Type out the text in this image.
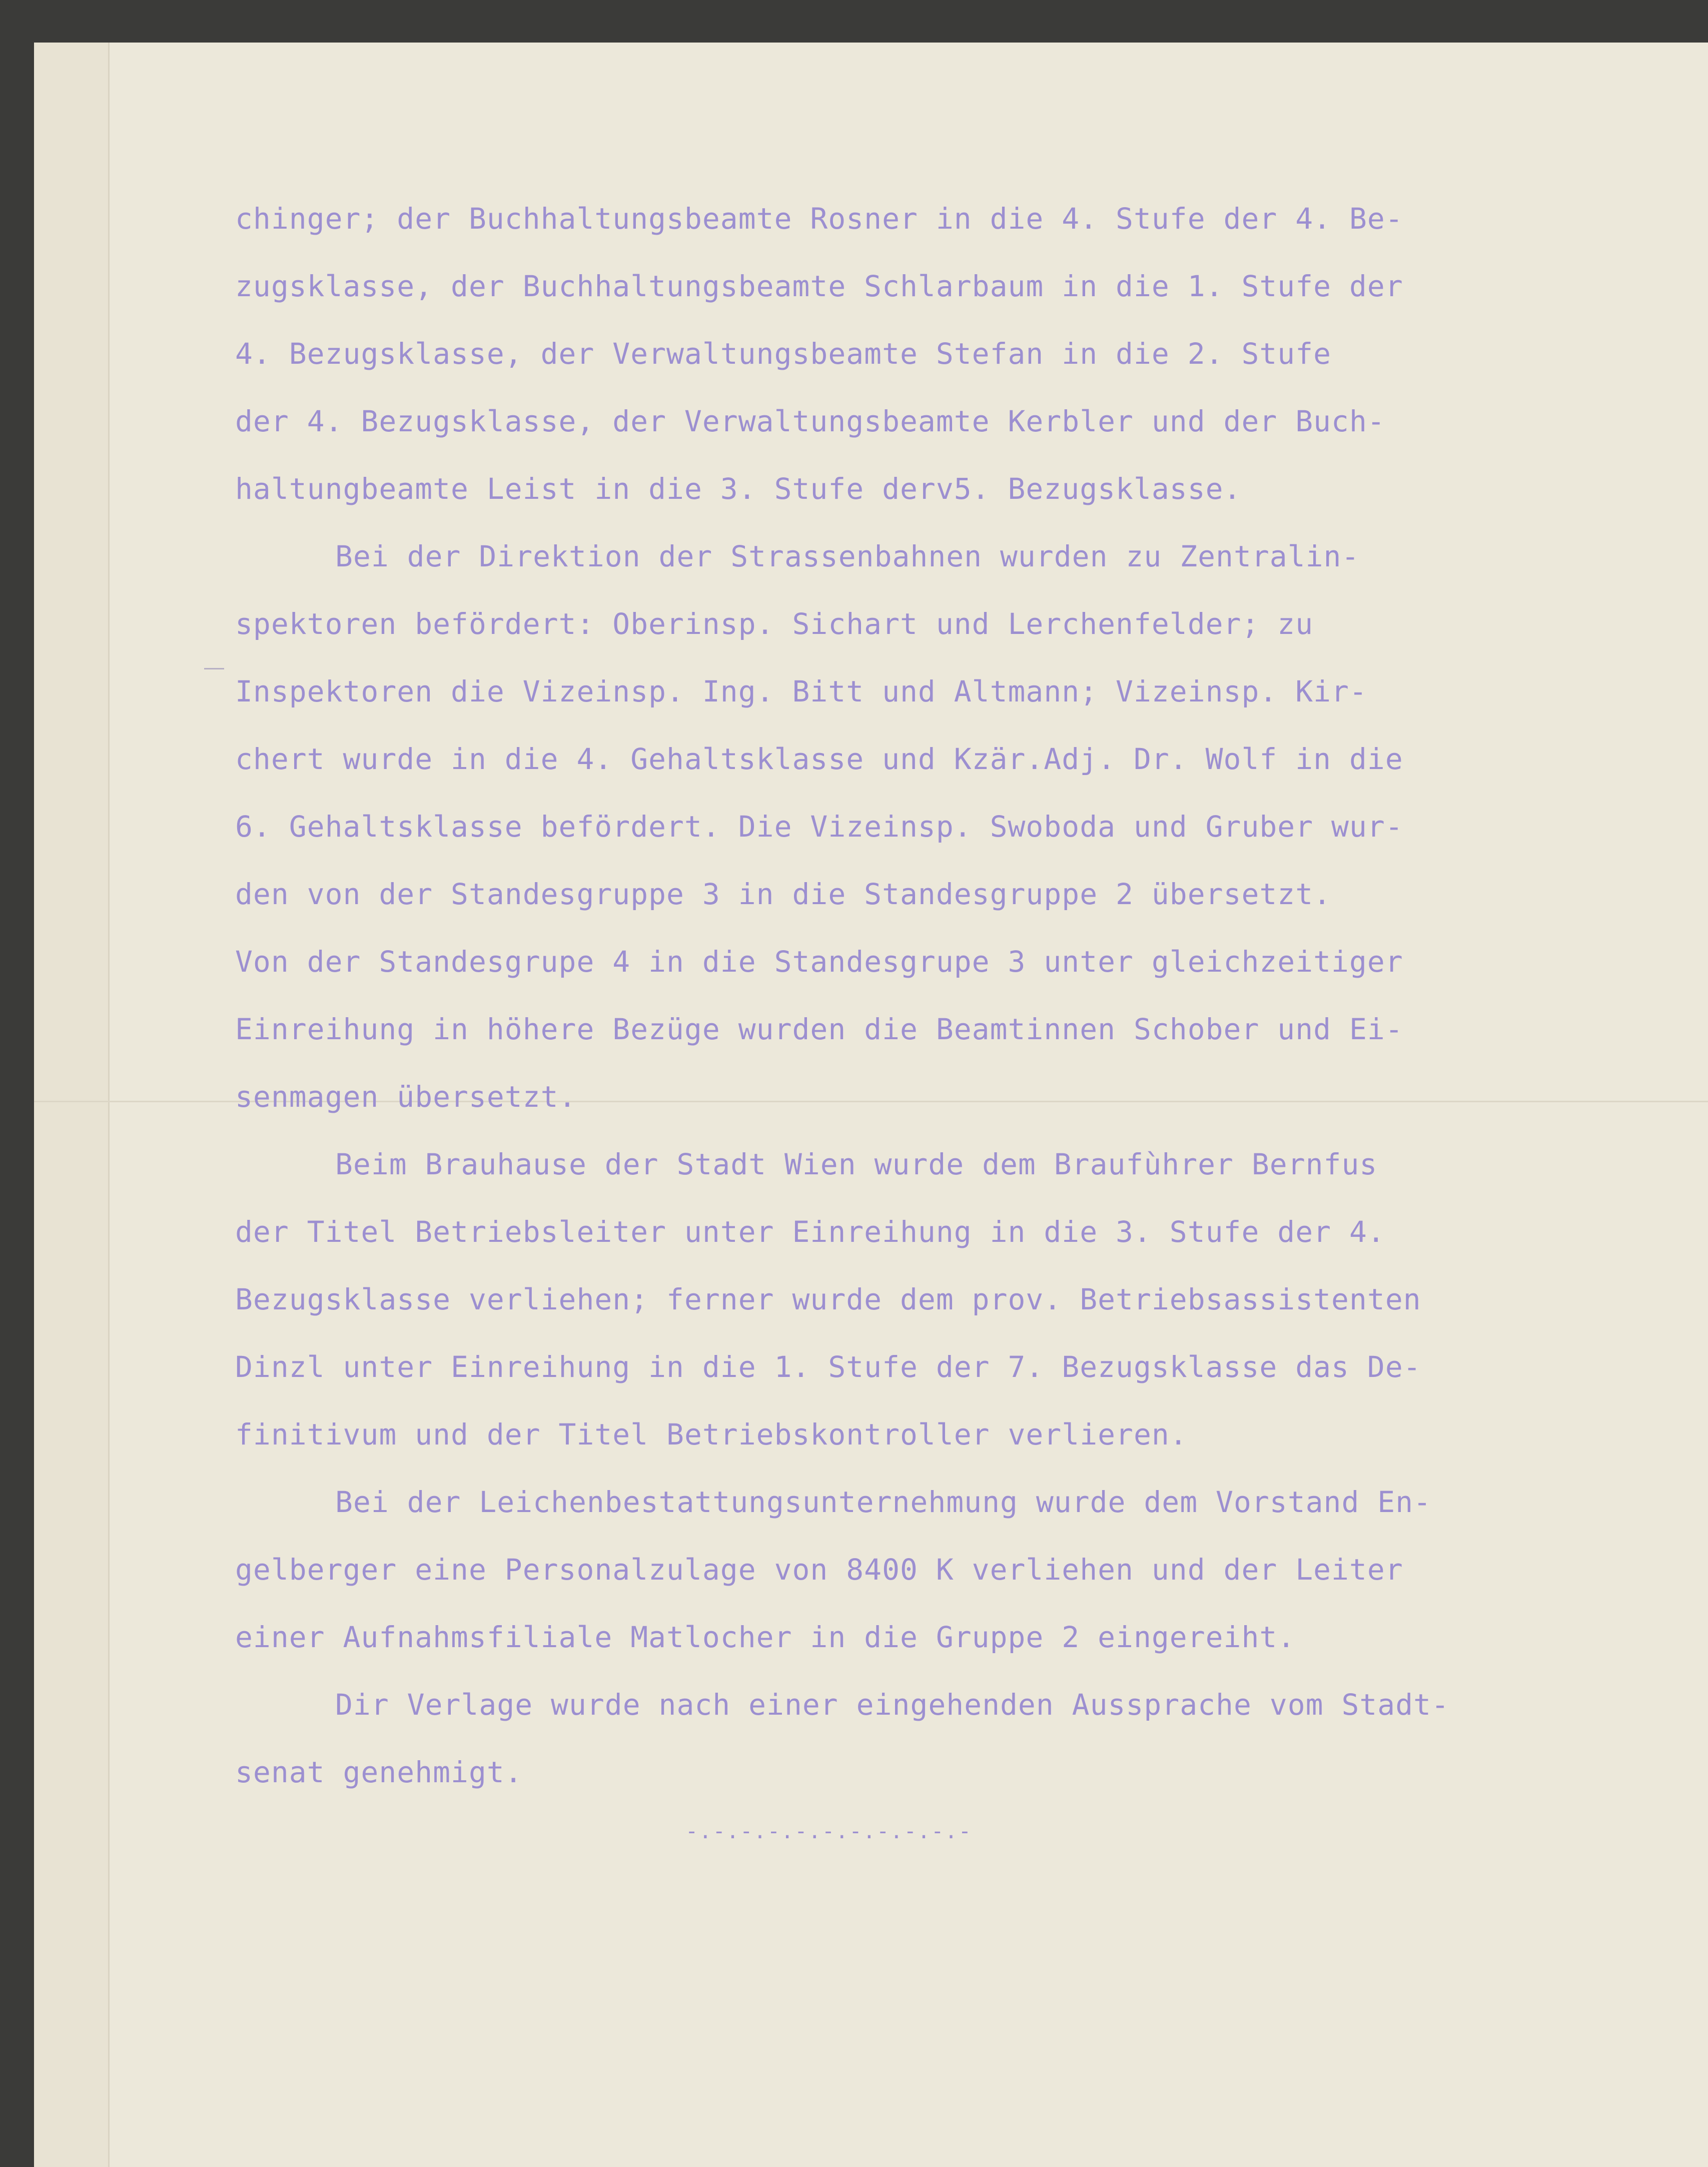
chinger; der Buchhaltungsbeamte Rosner in die 4. Stufe der 4. Be-
zugsklasse, der Buchhaltungsbeamte Schlarbaum in die 1. Stufe der
4. Bezugsklasse, der Verwaltungsbeamte Stefan in die 2. Stufe
der 4. Bezugsklasse, der Verwaltungsbeamte Kerbler und der Buch-
haltungbeamte Leist in die 3. Stufe derv5. Bezugsklasse.
Bei der Direktion der Strassenbahnen wurden zu Zentralin-
spektoren befördert: Oberinsp. Sichart und Lerchenfelder; zu
Inspektoren die Vizeinsp. Ing. Bitt und Altmann; Vizeinsp. Kir-
chert wurde in die 4. Gehaltsklasse und Kzär.Adj. Dr. Wolf in die
6. Gehaltsklasse befördert. Die Vizeinsp. Swoboda und Gruber wur-
den von der Standesgruppe 3 in die Standesgruppe 2 übersetzt.
Von der Standesgrupe 4 in die Standesgrupe 3 unter gleichzeitiger
Einreihung in höhere Bezüge wurden die Beamtinnen Schober und Ei-
senmagen übersetzt.
Beim Brauhause der Stadt Wien wurde dem Braufùhrer Bernfus
der Titel Betriebsleiter unter Einreihung in die 3. Stufe der 4.
Bezugsklasse verliehen; ferner wurde dem prov. Betriebsassistenten
Dinzl unter Einreihung in die 1. Stufe der 7. Bezugsklasse das De-
finitivum und der Titel Betriebskontroller verlieren.
Bei der Leichenbestattungsunternehmung wurde dem Vorstand En-
gelberger eine Personalzulage von 8400 K verliehen und der Leiter
einer Aufnahmsfiliale Matlocher in die Gruppe 2 eingereiht.
Dir Verlage wurde nach einer eingehenden Aussprache vom Stadt-
senat genehmigt.
-.-.-.-.-.-.-.-.-.-.-
